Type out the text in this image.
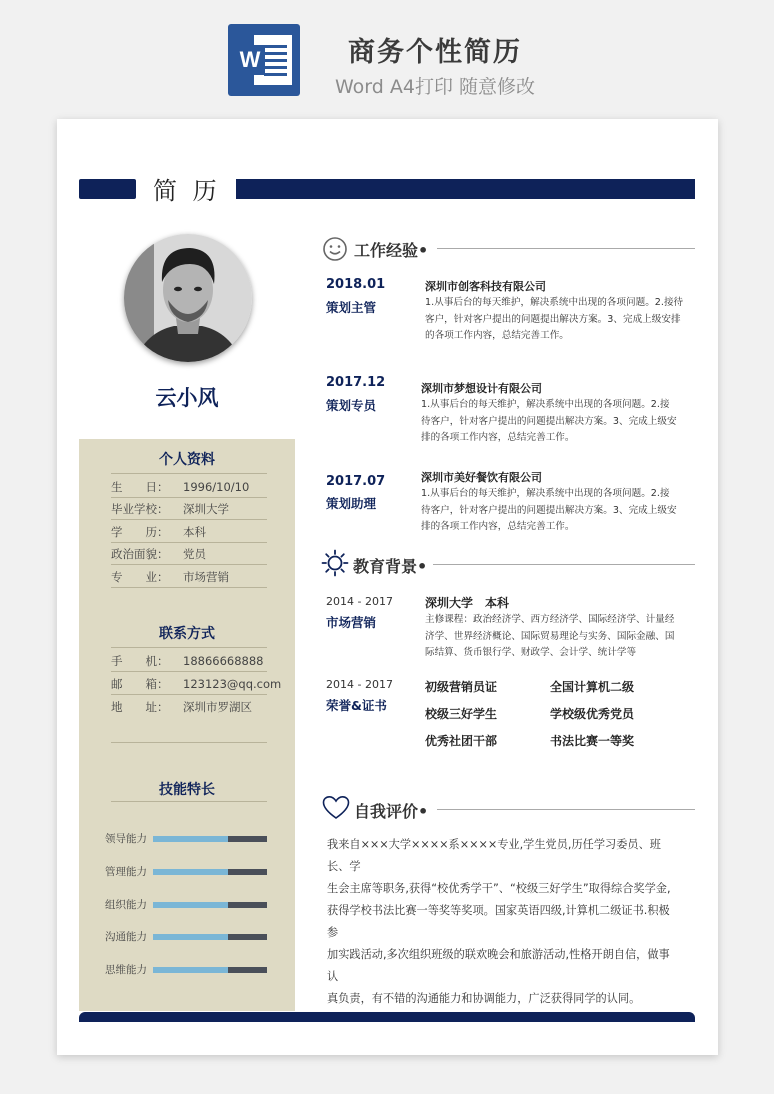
W	商务个性简历
Word A4打印 随意修改
简 历
云小风
个人资料
生　　日： 1996/10/10
毕业学校： 深圳大学
学　　历： 本科
政治面貌： 党员
专　　业： 市场营销
联系方式
手　　机： 18866668888
邮　　箱： 123123@qq.com
地　　址： 深圳市罗湖区
技能特长
领导能力
管理能力
组织能力
沟通能力
思维能力
工作经验•
2018.01
策划主管
深圳市创客科技有限公司
1.从事后台的每天维护，解决系统中出现的各项问题。2.接待
客户，针对客户提出的问题提出解决方案。3、完成上级安排
的各项工作内容，总结完善工作。
2017.12
策划专员
深圳市梦想设计有限公司
1.从事后台的每天维护，解决系统中出现的各项问题。2.接
待客户，针对客户提出的问题提出解决方案。3、完成上级安
排的各项工作内容，总结完善工作。
2017.07
策划助理
深圳市美好餐饮有限公司
1.从事后台的每天维护，解决系统中出现的各项问题。2.接
待客户，针对客户提出的问题提出解决方案。3、完成上级安
排的各项工作内容，总结完善工作。
教育背景•
2014 - 2017
市场营销
深圳大学　本科
主修课程：政治经济学、西方经济学、国际经济学、计量经
济学、世界经济概论、国际贸易理论与实务、国际金融、国
际结算、货币银行学、财政学、会计学、统计学等
2014 - 2017
荣誉&证书
初级营销员证	全国计算机二级
校级三好学生	学校级优秀党员
优秀社团干部	书法比赛一等奖
自我评价•
我来自×××大学××××系××××专业,学生党员,历任学习委员、班长、学
生会主席等职务,获得“校优秀学干”、“校级三好学生”取得综合奖学金,
获得学校书法比赛一等奖等奖项。国家英语四级,计算机二级证书.积极参
加实践活动,多次组织班级的联欢晚会和旅游活动,性格开朗自信，做事认
真负责，有不错的沟通能力和协调能力，广泛获得同学的认同。
